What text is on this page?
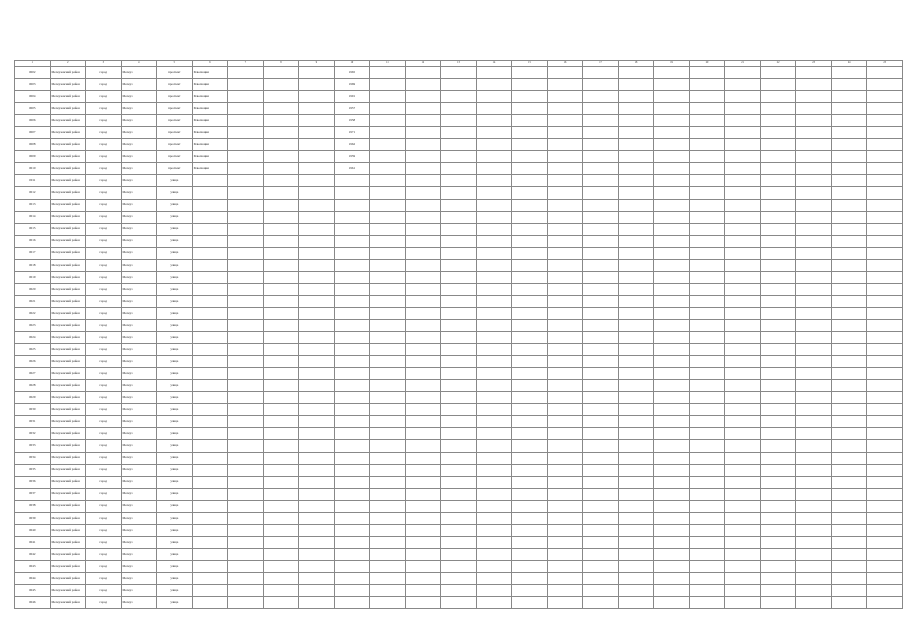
1	2	3	4	5	6	7	8	9	10	11	12	13	14	15	16	17	18	19	20	21	22	23	24	25
0002	Мелеузовский район	город	Мелеуз	проспект	Революции				1965															
0003	Мелеузовский район	город	Мелеуз	проспект	Революции				1969															
0004	Мелеузовский район	город	Мелеуз	проспект	Революции				1991															
0005	Мелеузовский район	город	Мелеуз	проспект	Революции				1957															
0006	Мелеузовский район	город	Мелеуз	проспект	Революции				1958															
0007	Мелеузовский район	город	Мелеуз	проспект	Революции				1971															
0008	Мелеузовский район	город	Мелеуз	проспект	Революции				1962															
0009	Мелеузовский район	город	Мелеуз	проспект	Революции				1959															
0010	Мелеузовский район	город	Мелеуз	проспект	Революции				1961															
0011	Мелеузовский район	город	Мелеуз	улица																				
0012	Мелеузовский район	город	Мелеуз	улица																				
0013	Мелеузовский район	город	Мелеуз	улица																				
0014	Мелеузовский район	город	Мелеуз	улица																				
0015	Мелеузовский район	город	Мелеуз	улица																				
0016	Мелеузовский район	город	Мелеуз	улица																				
0017	Мелеузовский район	город	Мелеуз	улица																				
0018	Мелеузовский район	город	Мелеуз	улица																				
0019	Мелеузовский район	город	Мелеуз	улица																				
0020	Мелеузовский район	город	Мелеуз	улица																				
0021	Мелеузовский район	город	Мелеуз	улица																				
0022	Мелеузовский район	город	Мелеуз	улица																				
0023	Мелеузовский район	город	Мелеуз	улица																				
0024	Мелеузовский район	город	Мелеуз	улица																				
0025	Мелеузовский район	город	Мелеуз	улица																				
0026	Мелеузовский район	город	Мелеуз	улица																				
0027	Мелеузовский район	город	Мелеуз	улица																				
0028	Мелеузовский район	город	Мелеуз	улица																				
0029	Мелеузовский район	город	Мелеуз	улица																				
0030	Мелеузовский район	город	Мелеуз	улица																				
0031	Мелеузовский район	город	Мелеуз	улица																				
0032	Мелеузовский район	город	Мелеуз	улица																				
0033	Мелеузовский район	город	Мелеуз	улица																				
0034	Мелеузовский район	город	Мелеуз	улица																				
0035	Мелеузовский район	город	Мелеуз	улица																				
0036	Мелеузовский район	город	Мелеуз	улица																				
0037	Мелеузовский район	город	Мелеуз	улица																				
0038	Мелеузовский район	город	Мелеуз	улица																				
0039	Мелеузовский район	город	Мелеуз	улица																				
0040	Мелеузовский район	город	Мелеуз	улица																				
0041	Мелеузовский район	город	Мелеуз	улица																				
0042	Мелеузовский район	город	Мелеуз	улица																				
0043	Мелеузовский район	город	Мелеуз	улица																				
0044	Мелеузовский район	город	Мелеуз	улица																				
0045	Мелеузовский район	город	Мелеуз	улица																				
0046	Мелеузовский район	город	Мелеуз	улица																				
